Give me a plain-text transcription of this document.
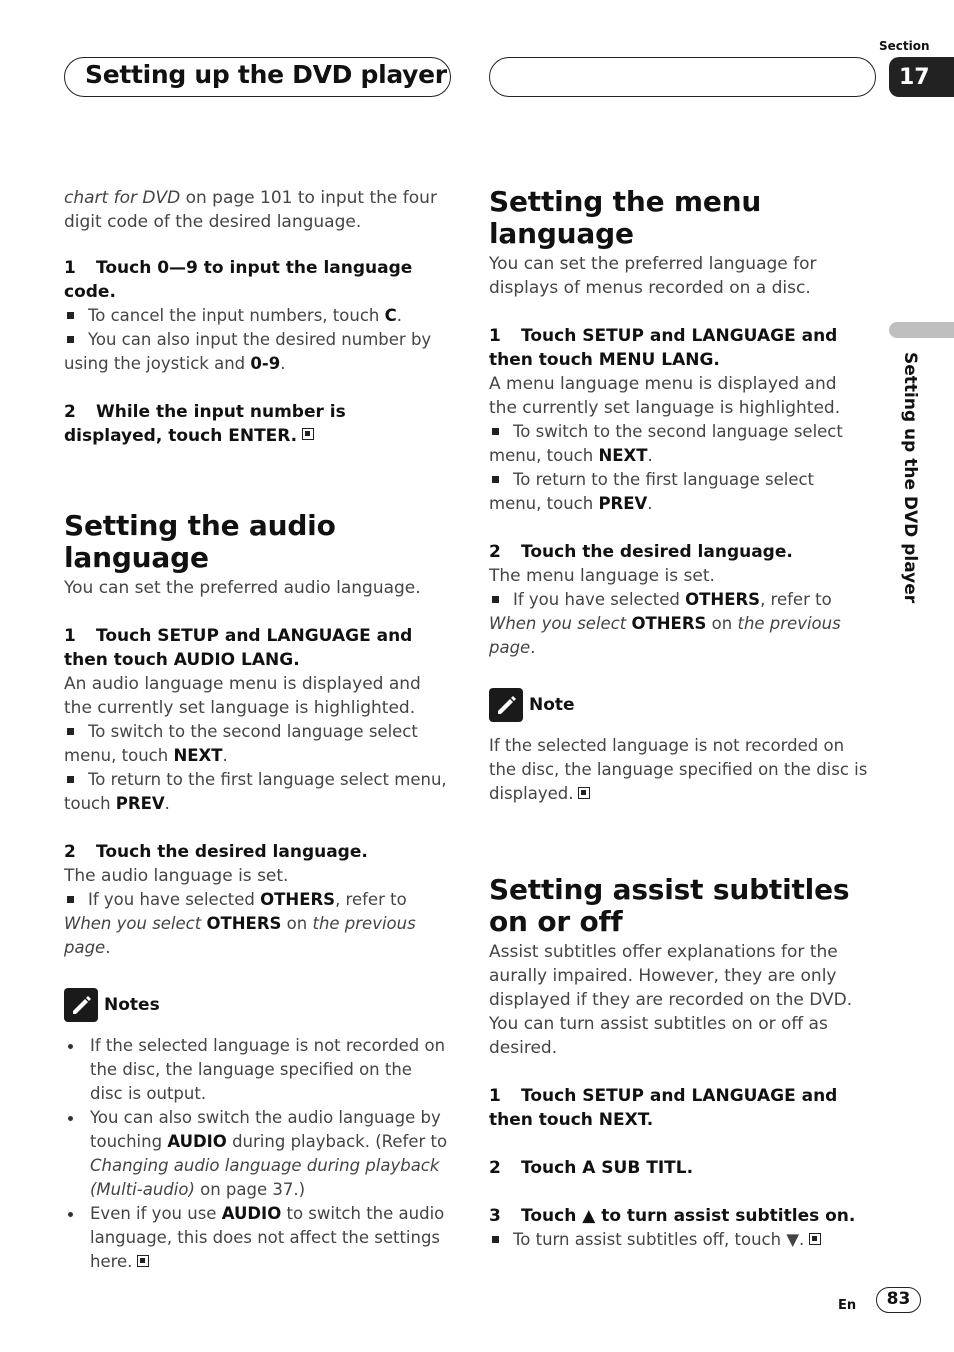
Setting up the DVD player
Section
17
Setting up the DVD player

chart for DVD on page 101 to input the four digit code of the desired language.

1 Touch 0—9 to input the language code.

To cancel the input numbers, touch C.

You can also input the desired number by using the joystick and 0-9.

2 While the input number is displayed, touch ENTER.

Setting the audio language

You can set the preferred audio language.

1 Touch SETUP and LANGUAGE and then touch AUDIO LANG.

An audio language menu is displayed and the currently set language is highlighted.

To switch to the second language select menu, touch NEXT.

To return to the first language select menu, touch PREV.

2 Touch the desired language.

The audio language is set.

If you have selected OTHERS, refer to When you select OTHERS on the previous page.

Notes
If the selected language is not recorded on the disc, the language specified on the disc is output.
You can also switch the audio language by touching AUDIO during playback. (Refer to Changing audio language during playback (Multi-audio) on page 37.)
Even if you use AUDIO to switch the audio language, this does not affect the settings here.
Setting the menu language

You can set the preferred language for displays of menus recorded on a disc.

1 Touch SETUP and LANGUAGE and then touch MENU LANG.

A menu language menu is displayed and the currently set language is highlighted.

To switch to the second language select menu, touch NEXT.

To return to the first language select menu, touch PREV.

2 Touch the desired language.

The menu language is set.

If you have selected OTHERS, refer to When you select OTHERS on the previous page.

Note

If the selected language is not recorded on the disc, the language specified on the disc is displayed.

Setting assist subtitles on or off

Assist subtitles offer explanations for the aurally impaired. However, they are only displayed if they are recorded on the DVD.

You can turn assist subtitles on or off as desired.

1 Touch SETUP and LANGUAGE and then touch NEXT.

2 Touch A SUB TITL.

3 Touch ▲ to turn assist subtitles on.

To turn assist subtitles off, touch ▼.

En	83
